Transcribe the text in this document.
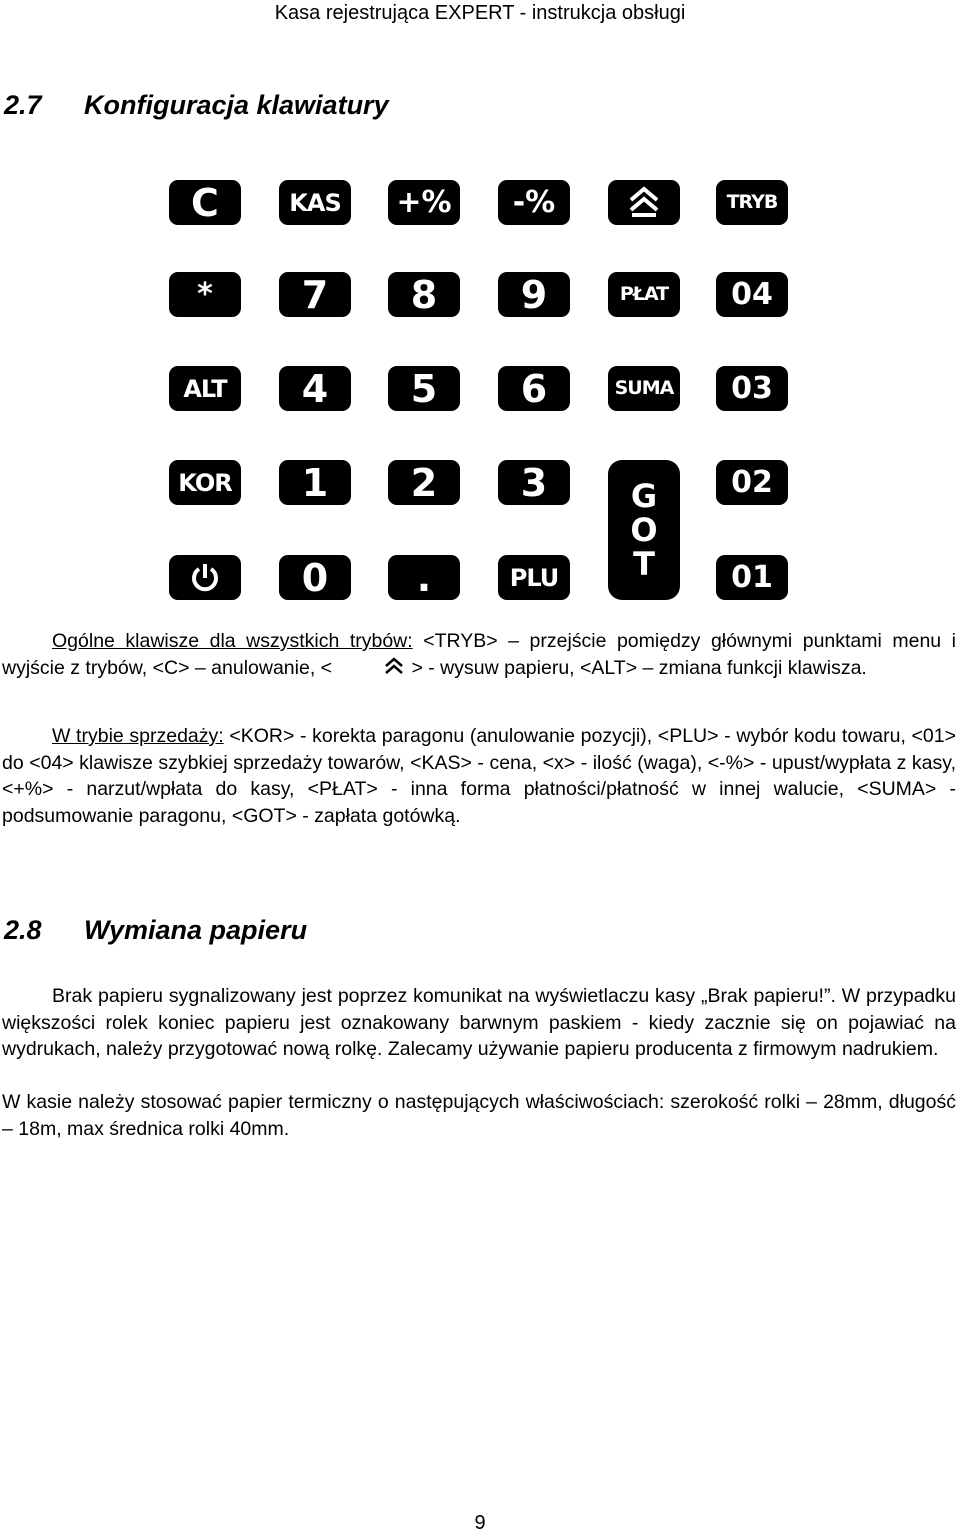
Kasa rejestrująca EXPERT - instrukcja obsługi
2.7 Konfiguracja klawiatury
C	KAS +% -%	TRYB
* 7 8 9	PŁAT 04
ALT 4 5 6	SUMA 03
KOR 1 2 3	G
O
T
02
0 .	PLU	01

Ogólne klawisze dla wszystkich trybów: <TRYB> – przejście pomiędzy głównymi punktami menu i wyjście z trybów, <C> – anulowanie, <	> - wysuw papieru, <ALT> – zmiana funkcji klawisza.

W trybie sprzedaży: <KOR> - korekta paragonu (anulowanie pozycji), <PLU> - wybór kodu towaru, <01> do <04> klawisze szybkiej sprzedaży towarów, <KAS> - cena, <x> - ilość (waga), <-%> - upust/wypłata z kasy, <+%> - narzut/wpłata do kasy, <PŁAT> - inna forma płatności/płatność w innej walucie, <SUMA> - podsumowanie paragonu, <GOT> - zapłata gotówką.

2.8 Wymiana papieru

Brak papieru sygnalizowany jest poprzez komunikat na wyświetlaczu kasy „Brak papieru!”. W przypadku większości rolek koniec papieru jest oznakowany barwnym paskiem - kiedy zacznie się on pojawiać na wydrukach, należy przygotować nową rolkę. Zalecamy używanie papieru producenta z firmowym nadrukiem.

W kasie należy stosować papier termiczny o następujących właściwościach: szerokość rolki – 28mm, długość – 18m, max średnica rolki 40mm.

9
